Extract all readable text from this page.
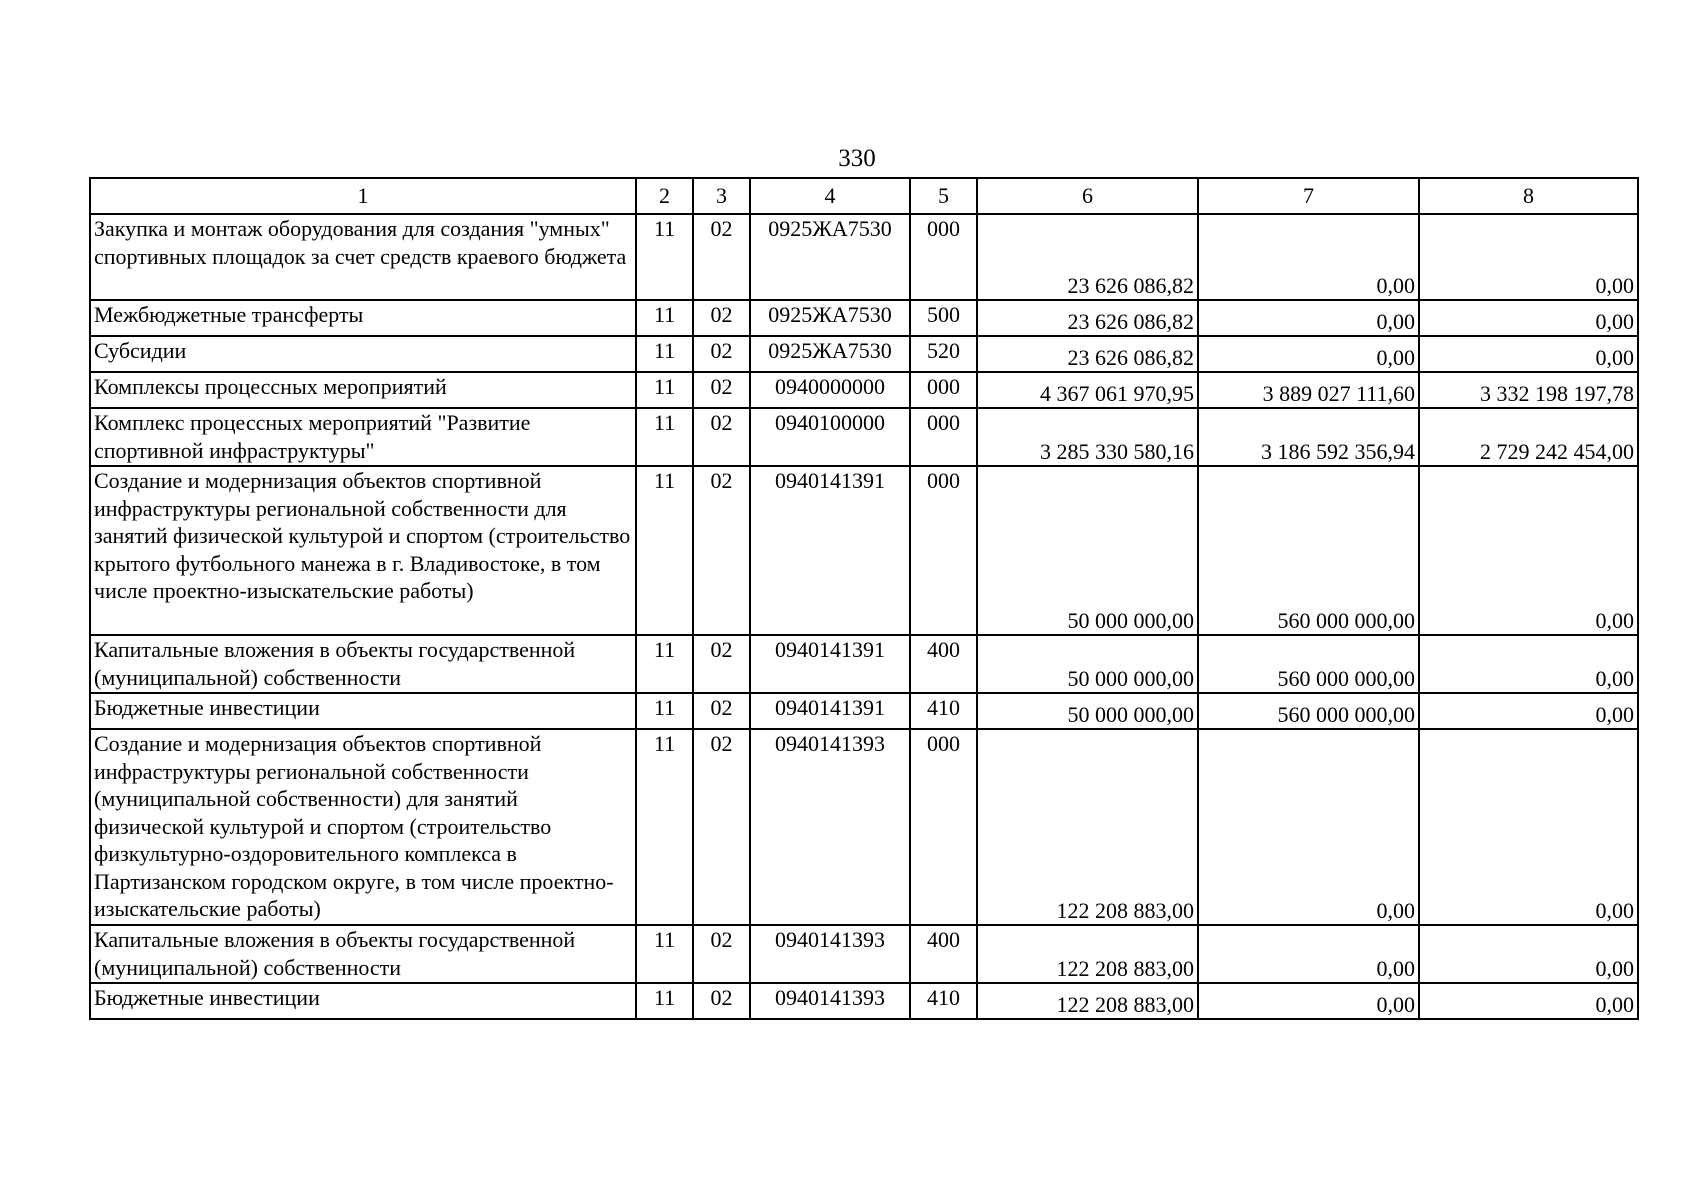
330
1	2	3	4	5	6	7	8
Закупка и монтаж оборудования для создания "умных" спортивных площадок за счет средств краевого бюджета	11	02	0925ЖА7530	000	23 626 086,82	0,00	0,00
Межбюджетные трансферты	11	02	0925ЖА7530	500	23 626 086,82	0,00	0,00
Субсидии	11	02	0925ЖА7530	520	23 626 086,82	0,00	0,00
Комплексы процессных мероприятий	11	02	0940000000	000	4 367 061 970,95	3 889 027 111,60	3 332 198 197,78
Комплекс процессных мероприятий "Развитие спортивной инфраструктуры"	11	02	0940100000	000	3 285 330 580,16	3 186 592 356,94	2 729 242 454,00
Создание и модернизация объектов спортивной инфраструктуры региональной собственности для занятий физической культурой и спортом (строительство крытого футбольного манежа в г. Владивостоке, в том числе проектно-изыскательские работы)	11	02	0940141391	000	50 000 000,00	560 000 000,00	0,00
Капитальные вложения в объекты государственной (муниципальной) собственности	11	02	0940141391	400	50 000 000,00	560 000 000,00	0,00
Бюджетные инвестиции	11	02	0940141391	410	50 000 000,00	560 000 000,00	0,00
Создание и модернизация объектов спортивной инфраструктуры региональной собственности (муниципальной собственности) для занятий физической культурой и спортом (строительство физкультурно-оздоровительного комплекса в Партизанском городском округе, в том числе проектно-изыскательские работы)	11	02	0940141393	000	122 208 883,00	0,00	0,00
Капитальные вложения в объекты государственной (муниципальной) собственности	11	02	0940141393	400	122 208 883,00	0,00	0,00
Бюджетные инвестиции	11	02	0940141393	410	122 208 883,00	0,00	0,00
